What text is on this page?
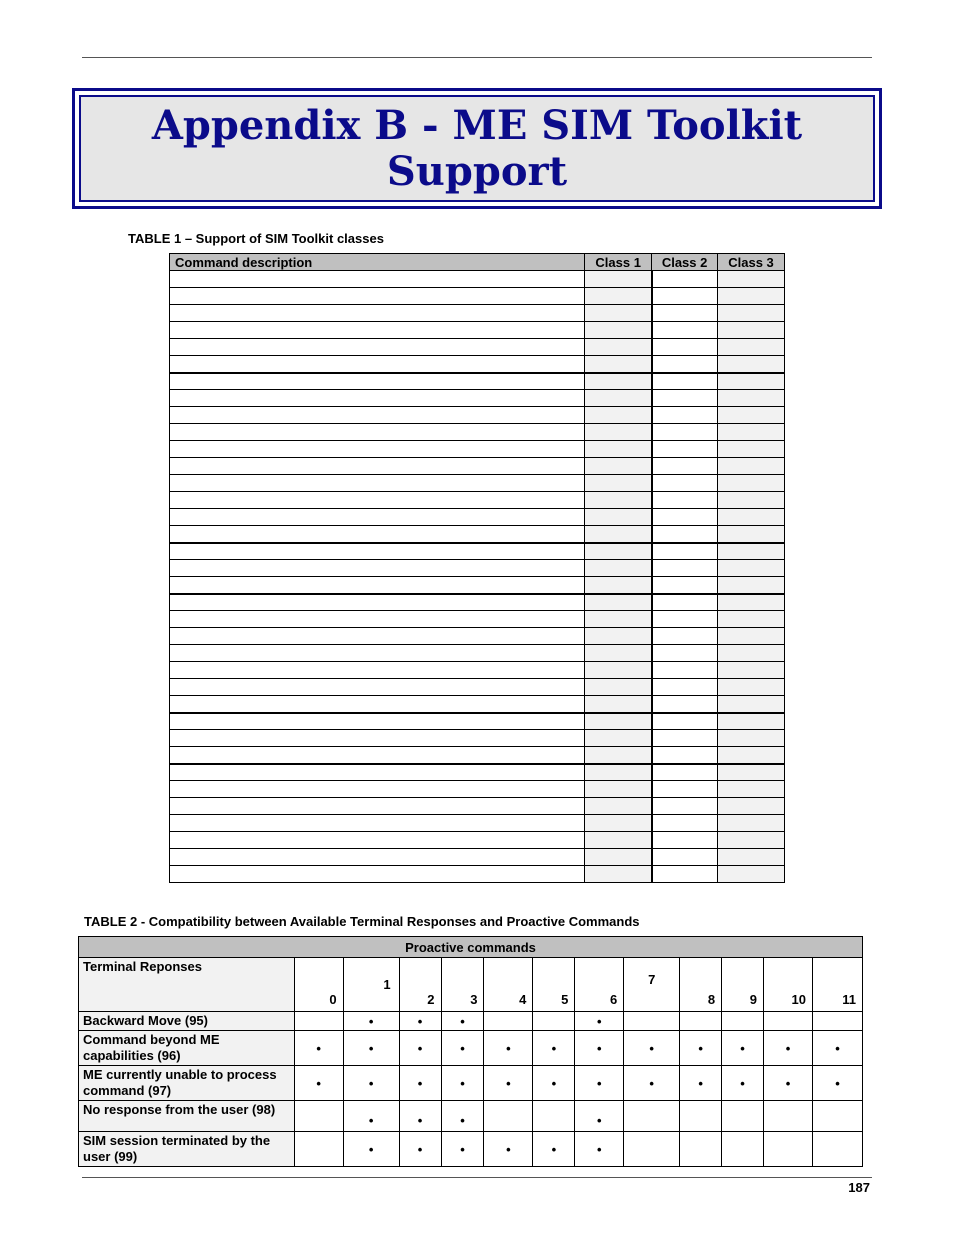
Appendix B - ME SIM Toolkit Support
TABLE 1 – Support of SIM Toolkit classes
Command description	Class 1	Class 2	Class 3

TABLE 2 - Compatibility between Available Terminal Responses and Proactive Commands
Proactive commands												
Terminal Reponses	0	1	2	3	4	5	6	7	8	9	10	11
Backward Move (95)		•	•	•			•					
Command beyond ME capabilities (96)	•	•	•	•	•	•	•	•	•	•	•	•
ME currently unable to process command (97)	•	•	•	•	•	•	•	•	•	•	•	•
No response from the user (98)		•	•	•			•					
SIM session terminated by the user (99)		•	•	•	•	•	•					
187
